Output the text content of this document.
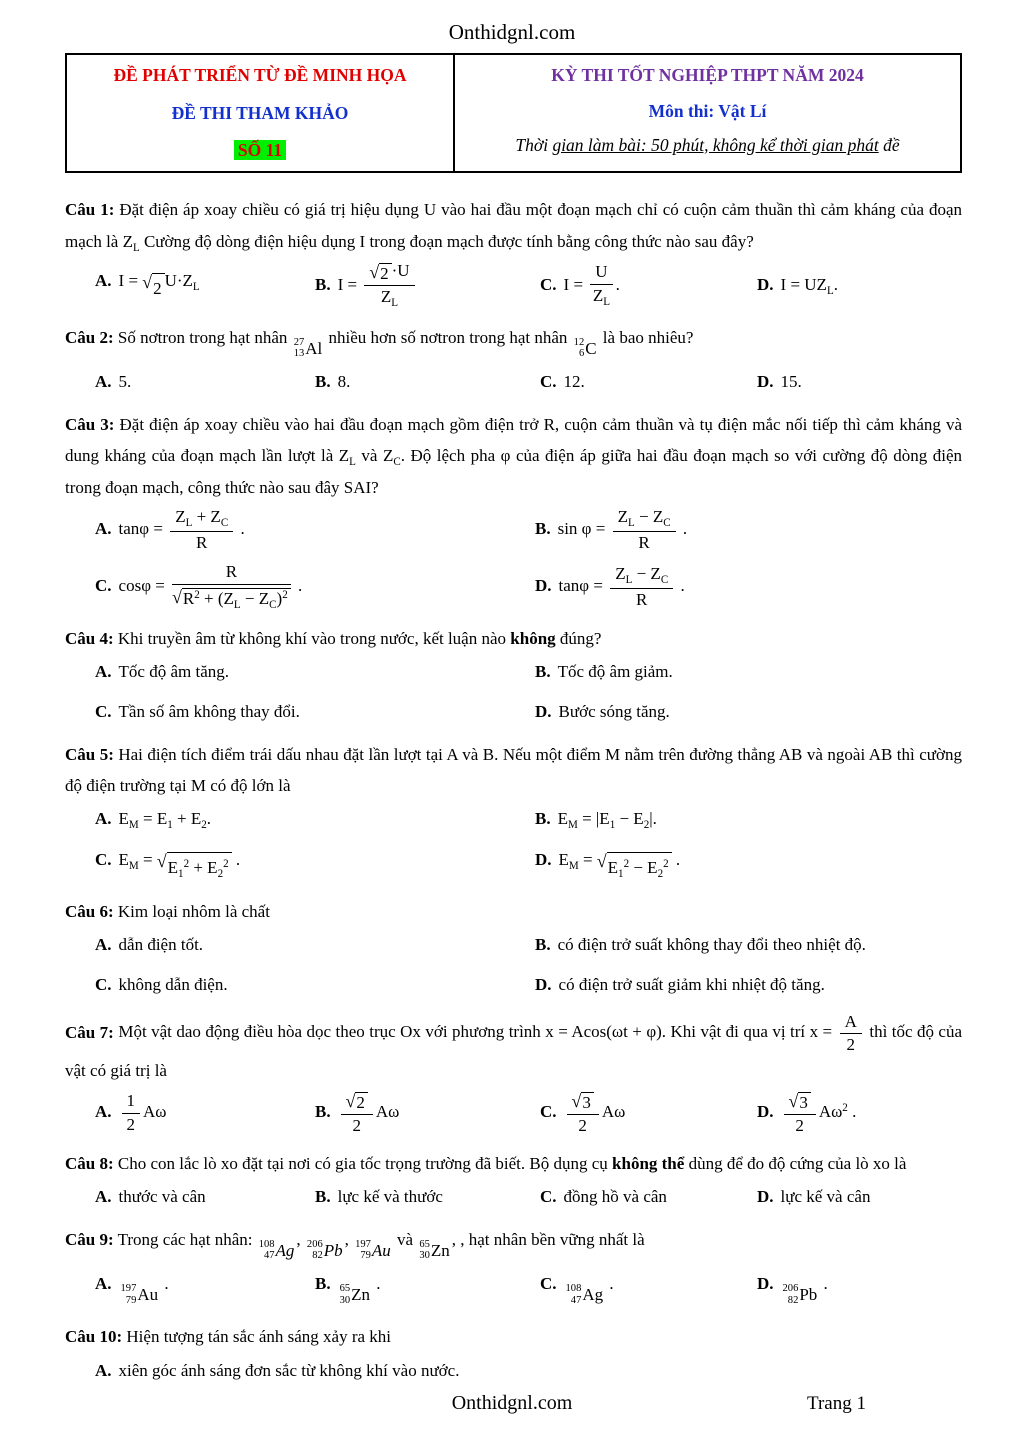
Onthidgnl.com
ĐỀ PHÁT TRIỂN TỪ ĐỀ MINH HỌA
ĐỀ THI THAM KHẢO
SỐ 11
KỲ THI TỐT NGHIỆP THPT NĂM 2024
Môn thi: Vật Lí
Thời gian làm bài: 50 phút, không kể thời gian phát đề

Câu 1: Đặt điện áp xoay chiều có giá trị hiệu dụng U vào hai đầu một đoạn mạch chỉ có cuộn cảm thuần thì cảm kháng của đoạn mạch là $Z_L$ Cường độ dòng điện hiệu dụng I trong đoạn mạch được tính bằng công thức nào sau đây?

A. I = √ 2 $U\cdot Z_L$	B. $I = \frac{√ 2 \cdot U}{Z_L}$	C. $I = \frac{U}{Z_L}$ .	D. $I = UZ_L$.

Câu 2: Số nơtron trong hạt nhân 27
13 Al
nhiều hơn số nơtron trong hạt nhân 12
6 C
là bao nhiêu?

A. 5.	B. 8.	C. 12.	D. 15.

Câu 3: Đặt điện áp xoay chiều vào hai đầu đoạn mạch gồm điện trở R, cuộn cảm thuần và tụ điện mắc nối tiếp thì cảm kháng và dung kháng của đoạn mạch lần lượt là $Z_L$ và $Z_C$. Độ lệch pha φ của điện áp giữa hai đầu đoạn mạch so với cường độ dòng điện trong đoạn mạch, công thức nào sau đây SAI?

A. $\tan\varphi = \frac{Z_L + Z_C}{R}$ .	B. $\sin \varphi = \frac{Z_L - Z_C}{R}$ .
C. $\cos\varphi = \frac{R}{√ R^2 + (Z_L - Z_C)^2}$ .	D. $\tan\varphi = \frac{Z_L - Z_C}{R}$ .

Câu 4: Khi truyền âm từ không khí vào trong nước, kết luận nào không đúng?

A. Tốc độ âm tăng.	B. Tốc độ âm giảm.
C. Tần số âm không thay đổi.	D. Bước sóng tăng.

Câu 5: Hai điện tích điểm trái dấu nhau đặt lần lượt tại A và B. Nếu một điểm M nằm trên đường thẳng AB và ngoài AB thì cường độ điện trường tại M có độ lớn là

A. $E_M = E_1 + E_2$.	B. $E_M = |E_1 - E_2|$.
C. $E_M$ = √ $E_1^2 + E_2^2$ .	D. $E_M$ = √ $E_1^2 - E_2^2$ .

Câu 6: Kim loại nhôm là chất

A. dẫn điện tốt.	B. có điện trở suất không thay đổi theo nhiệt độ.
C. không dẫn điện.	D. có điện trở suất giảm khi nhiệt độ tăng.

Câu 7: Một vật dao động điều hòa dọc theo trục Ox với phương trình x = Acos(ωt + φ). Khi vật đi qua vị trí $x = \frac{A}{2}$ thì tốc độ của vật có giá trị là

A. $\frac{1}{2}$ Aω	B. $\frac{√ 2}{2}$ Aω	C. $\frac{√ 3}{2}$ Aω	D. $\frac{√ 3}{2} A\omega^2$ .

Câu 8: Cho con lắc lò xo đặt tại nơi có gia tốc trọng trường đã biết. Bộ dụng cụ không thể dùng để đo độ cứng của lò xo là

A. thước và cân	B. lực kế và thước	C. đồng hồ và cân	D. lực kế và cân

Câu 9: Trong các hạt nhân: 108
47 Ag
, 206
82 Pb
, 197
79 Au
và 65
30 Zn
, , hạt nhân bền vững nhất là

A. 197
79 Au
.	B. 65
30 Zn
.	C. 108
47 Ag
.	D. 206
82 Pb
.

Câu 10: Hiện tượng tán sắc ánh sáng xảy ra khi

A. xiên góc ánh sáng đơn sắc từ không khí vào nước.
Onthidgnl.com	Trang 1
